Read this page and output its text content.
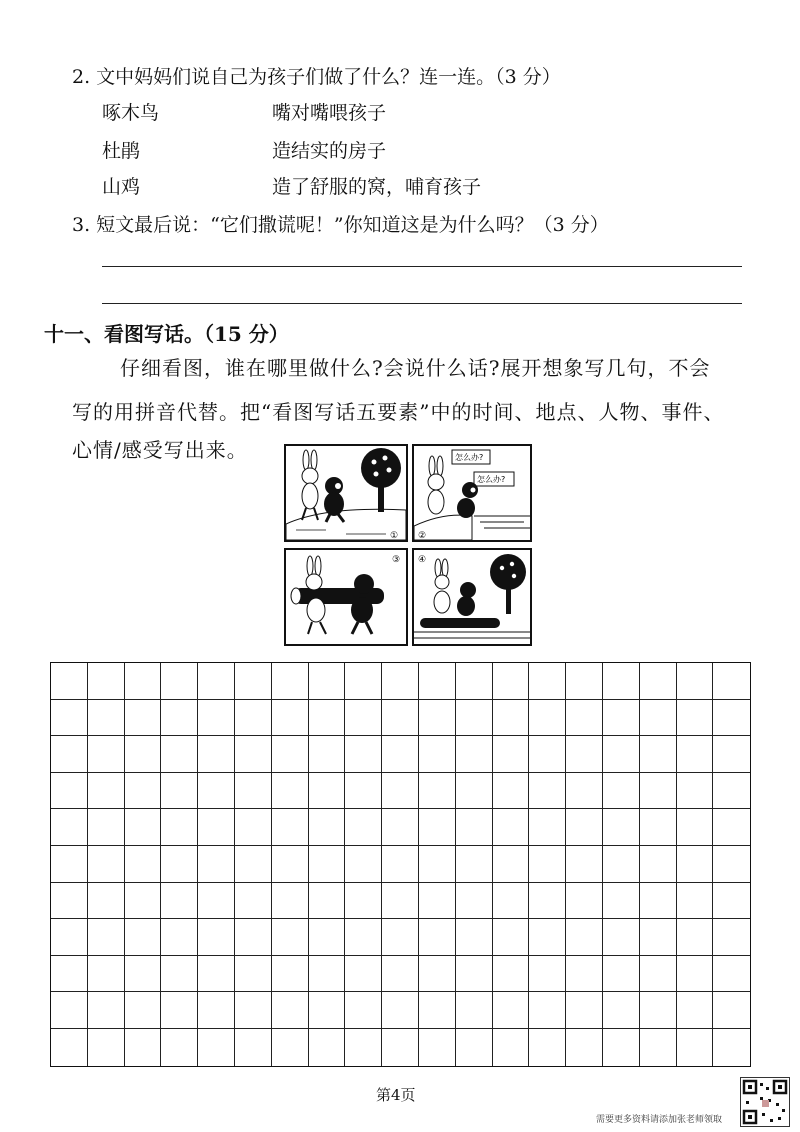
2. 文中妈妈们说自己为孩子们做了什么？连一连。（3 分）
啄木鸟
杜鹃
山鸡
嘴对嘴喂孩子
造结实的房子
造了舒服的窝，哺育孩子
3. 短文最后说：“它们撒谎呢！”你知道这是为什么吗？（3 分）
十一、看图写话。（15 分）
仔细看图，谁在哪里做什么?会说什么话?展开想象写几句，不会
写的用拼音代替。把“看图写话五要素”中的时间、地点、人物、事件、
心情/感受写出来。
①
怎么办?
怎么办?
②
③ ④
第4页
需要更多资料请添加张老师领取
